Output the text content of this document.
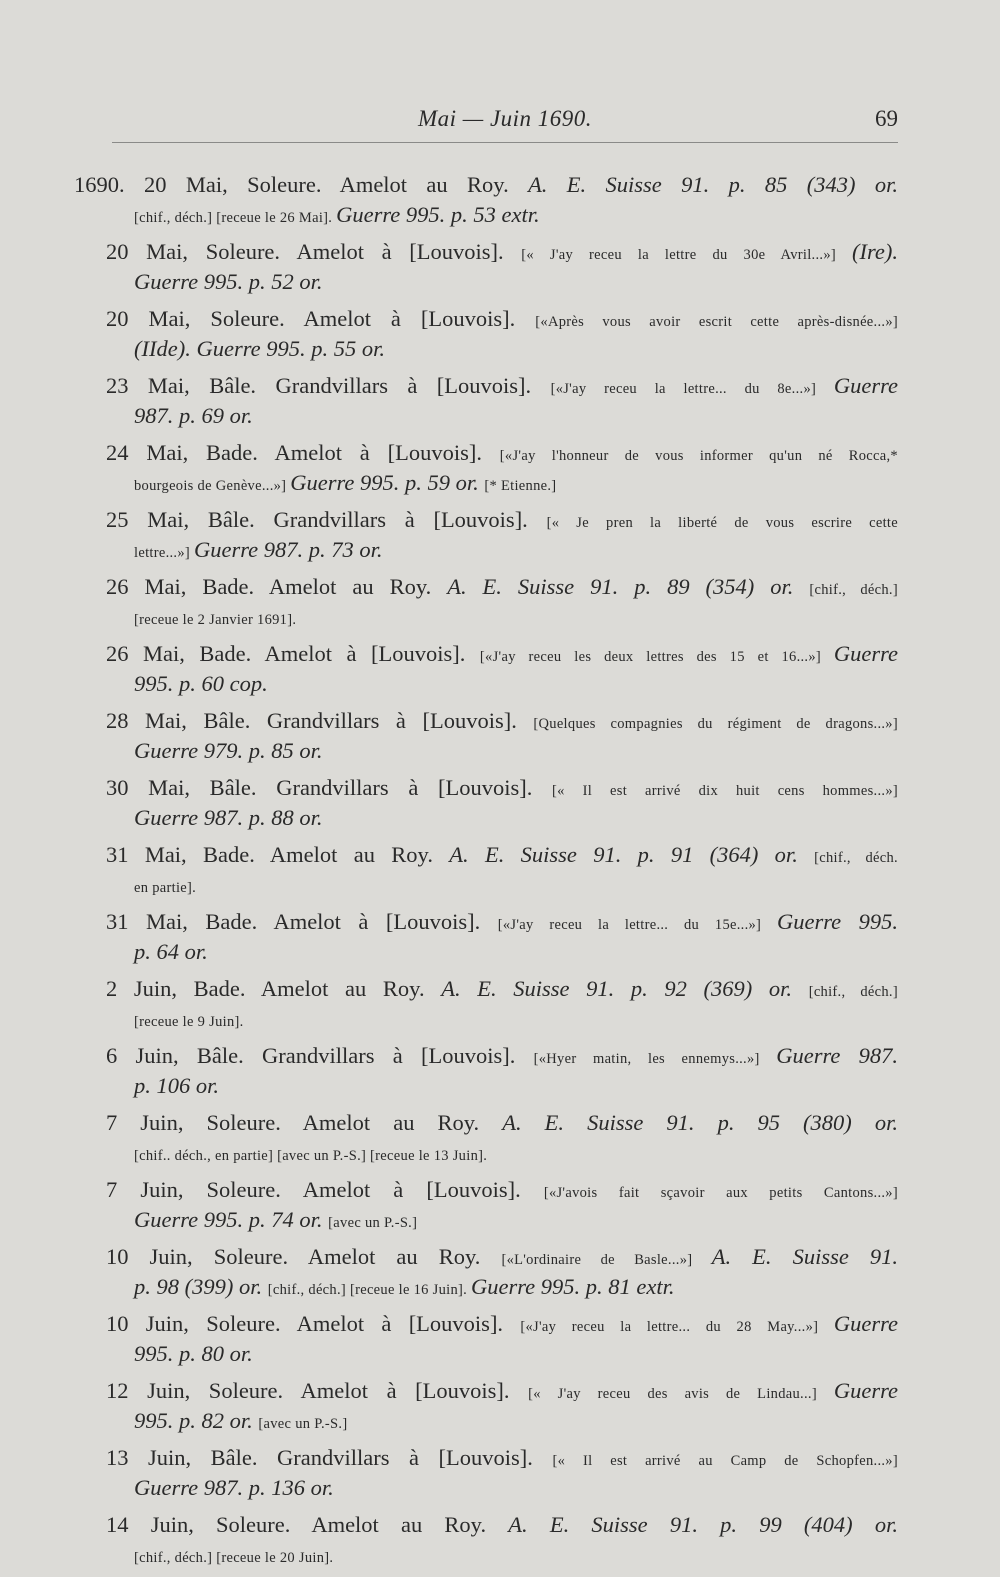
Mai — Juin 1690.	69
1690. 20 Mai, Soleure. Amelot au Roy. A. E. Suisse 91. p. 85 (343) or.
[chif., déch.] [receue le 26 Mai]. Guerre 995. p. 53 extr.
20 Mai, Soleure. Amelot à [Louvois]. [« J'ay receu la lettre du 30e Avril...»] (Ire).
Guerre 995. p. 52 or.
20 Mai, Soleure. Amelot à [Louvois]. [«Après vous avoir escrit cette après-disnée...»]
(IIde). Guerre 995. p. 55 or.
23 Mai, Bâle. Grandvillars à [Louvois]. [«J'ay receu la lettre... du 8e...»] Guerre
987. p. 69 or.
24 Mai, Bade. Amelot à [Louvois]. [«J'ay l'honneur de vous informer qu'un né Rocca,*
bourgeois de Genève...»] Guerre 995. p. 59 or. [* Etienne.]
25 Mai, Bâle. Grandvillars à [Louvois]. [« Je pren la liberté de vous escrire cette
lettre...»] Guerre 987. p. 73 or.
26 Mai, Bade. Amelot au Roy. A. E. Suisse 91. p. 89 (354) or. [chif., déch.]
[receue le 2 Janvier 1691].
26 Mai, Bade. Amelot à [Louvois]. [«J'ay receu les deux lettres des 15 et 16...»] Guerre
995. p. 60 cop.
28 Mai, Bâle. Grandvillars à [Louvois]. [Quelques compagnies du régiment de dragons...»]
Guerre 979. p. 85 or.
30 Mai, Bâle. Grandvillars à [Louvois]. [« Il est arrivé dix huit cens hommes...»]
Guerre 987. p. 88 or.
31 Mai, Bade. Amelot au Roy. A. E. Suisse 91. p. 91 (364) or. [chif., déch.
en partie].
31 Mai, Bade. Amelot à [Louvois]. [«J'ay receu la lettre... du 15e...»] Guerre 995.
p. 64 or.
2 Juin, Bade. Amelot au Roy. A. E. Suisse 91. p. 92 (369) or. [chif., déch.]
[receue le 9 Juin].
6 Juin, Bâle. Grandvillars à [Louvois]. [«Hyer matin, les ennemys...»] Guerre 987.
p. 106 or.
7 Juin, Soleure. Amelot au Roy. A. E. Suisse 91. p. 95 (380) or.
[chif.. déch., en partie] [avec un P.-S.] [receue le 13 Juin].
7 Juin, Soleure. Amelot à [Louvois]. [«J'avois fait sçavoir aux petits Cantons...»]
Guerre 995. p. 74 or. [avec un P.-S.]
10 Juin, Soleure. Amelot au Roy. [«L'ordinaire de Basle...»] A. E. Suisse 91.
p. 98 (399) or. [chif., déch.] [receue le 16 Juin]. Guerre 995. p. 81 extr.
10 Juin, Soleure. Amelot à [Louvois]. [«J'ay receu la lettre... du 28 May...»] Guerre
995. p. 80 or.
12 Juin, Soleure. Amelot à [Louvois]. [« J'ay receu des avis de Lindau...] Guerre
995. p. 82 or. [avec un P.-S.]
13 Juin, Bâle. Grandvillars à [Louvois]. [« Il est arrivé au Camp de Schopfen...»]
Guerre 987. p. 136 or.
14 Juin, Soleure. Amelot au Roy. A. E. Suisse 91. p. 99 (404) or.
[chif., déch.] [receue le 20 Juin].
